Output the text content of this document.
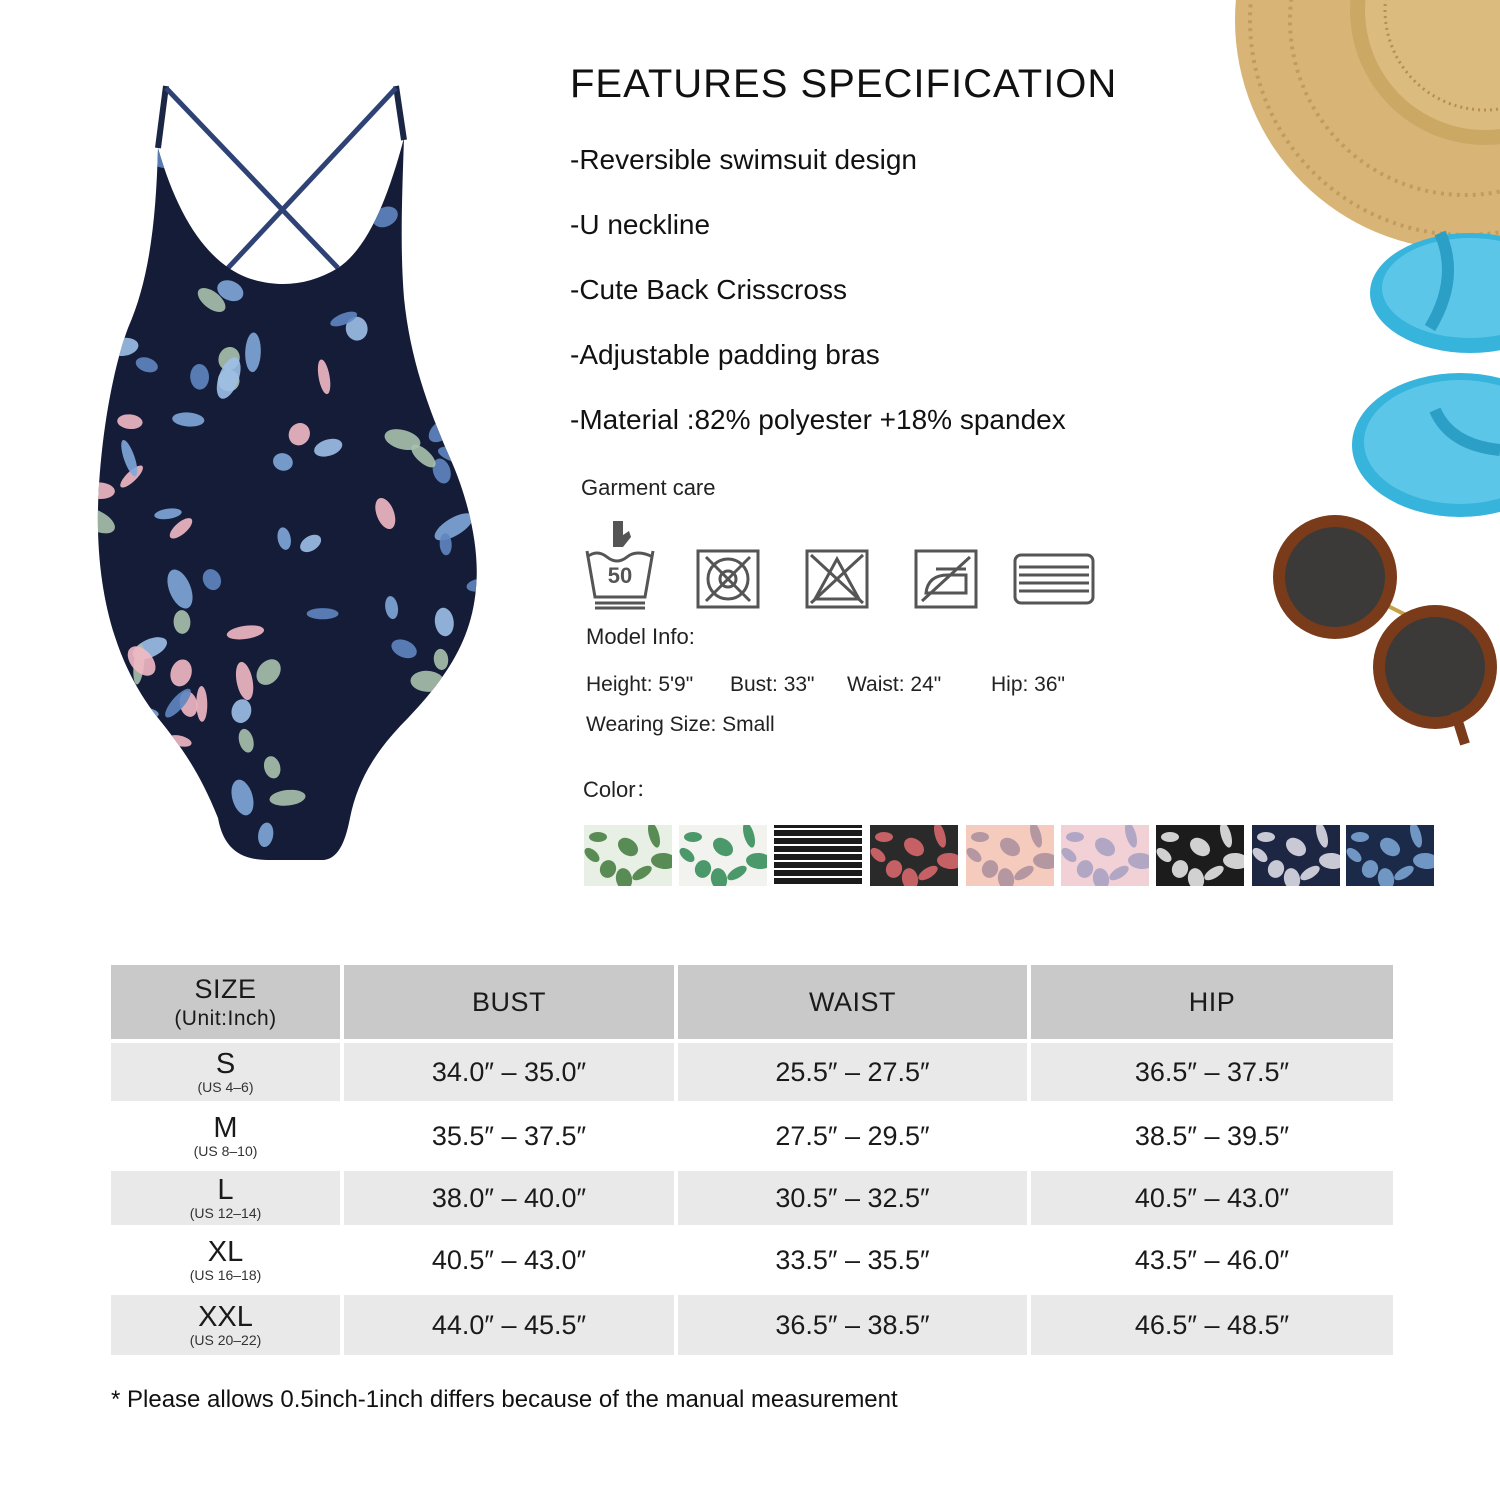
FEATURES SPECIFICATION
-Reversible swimsuit design
-U neckline
-Cute Back Crisscross
-Adjustable padding bras
-Material :82% polyester +18% spandex
Garment care
50
Model Info:
Height: 5'9" Bust: 33" Waist: 24" Hip: 36"
Wearing Size: Small
Color：
SIZE
(Unit:Inch)	BUST	WAIST	HIP

S
(US 4–6)	34.0″ – 35.0″	25.5″ – 27.5″	36.5″ – 37.5″

M
(US 8–10)	35.5″ – 37.5″	27.5″ – 29.5″	38.5″ – 39.5″

L
(US 12–14)	38.0″ – 40.0″	30.5″ – 32.5″	40.5″ – 43.0″

XL
(US 16–18)	40.5″ – 43.0″	33.5″ – 35.5″	43.5″ – 46.0″

XXL
(US 20–22)	44.0″ – 45.5″	36.5″ – 38.5″	46.5″ – 48.5″
* Please allows 0.5inch-1inch differs because of the manual measurement
